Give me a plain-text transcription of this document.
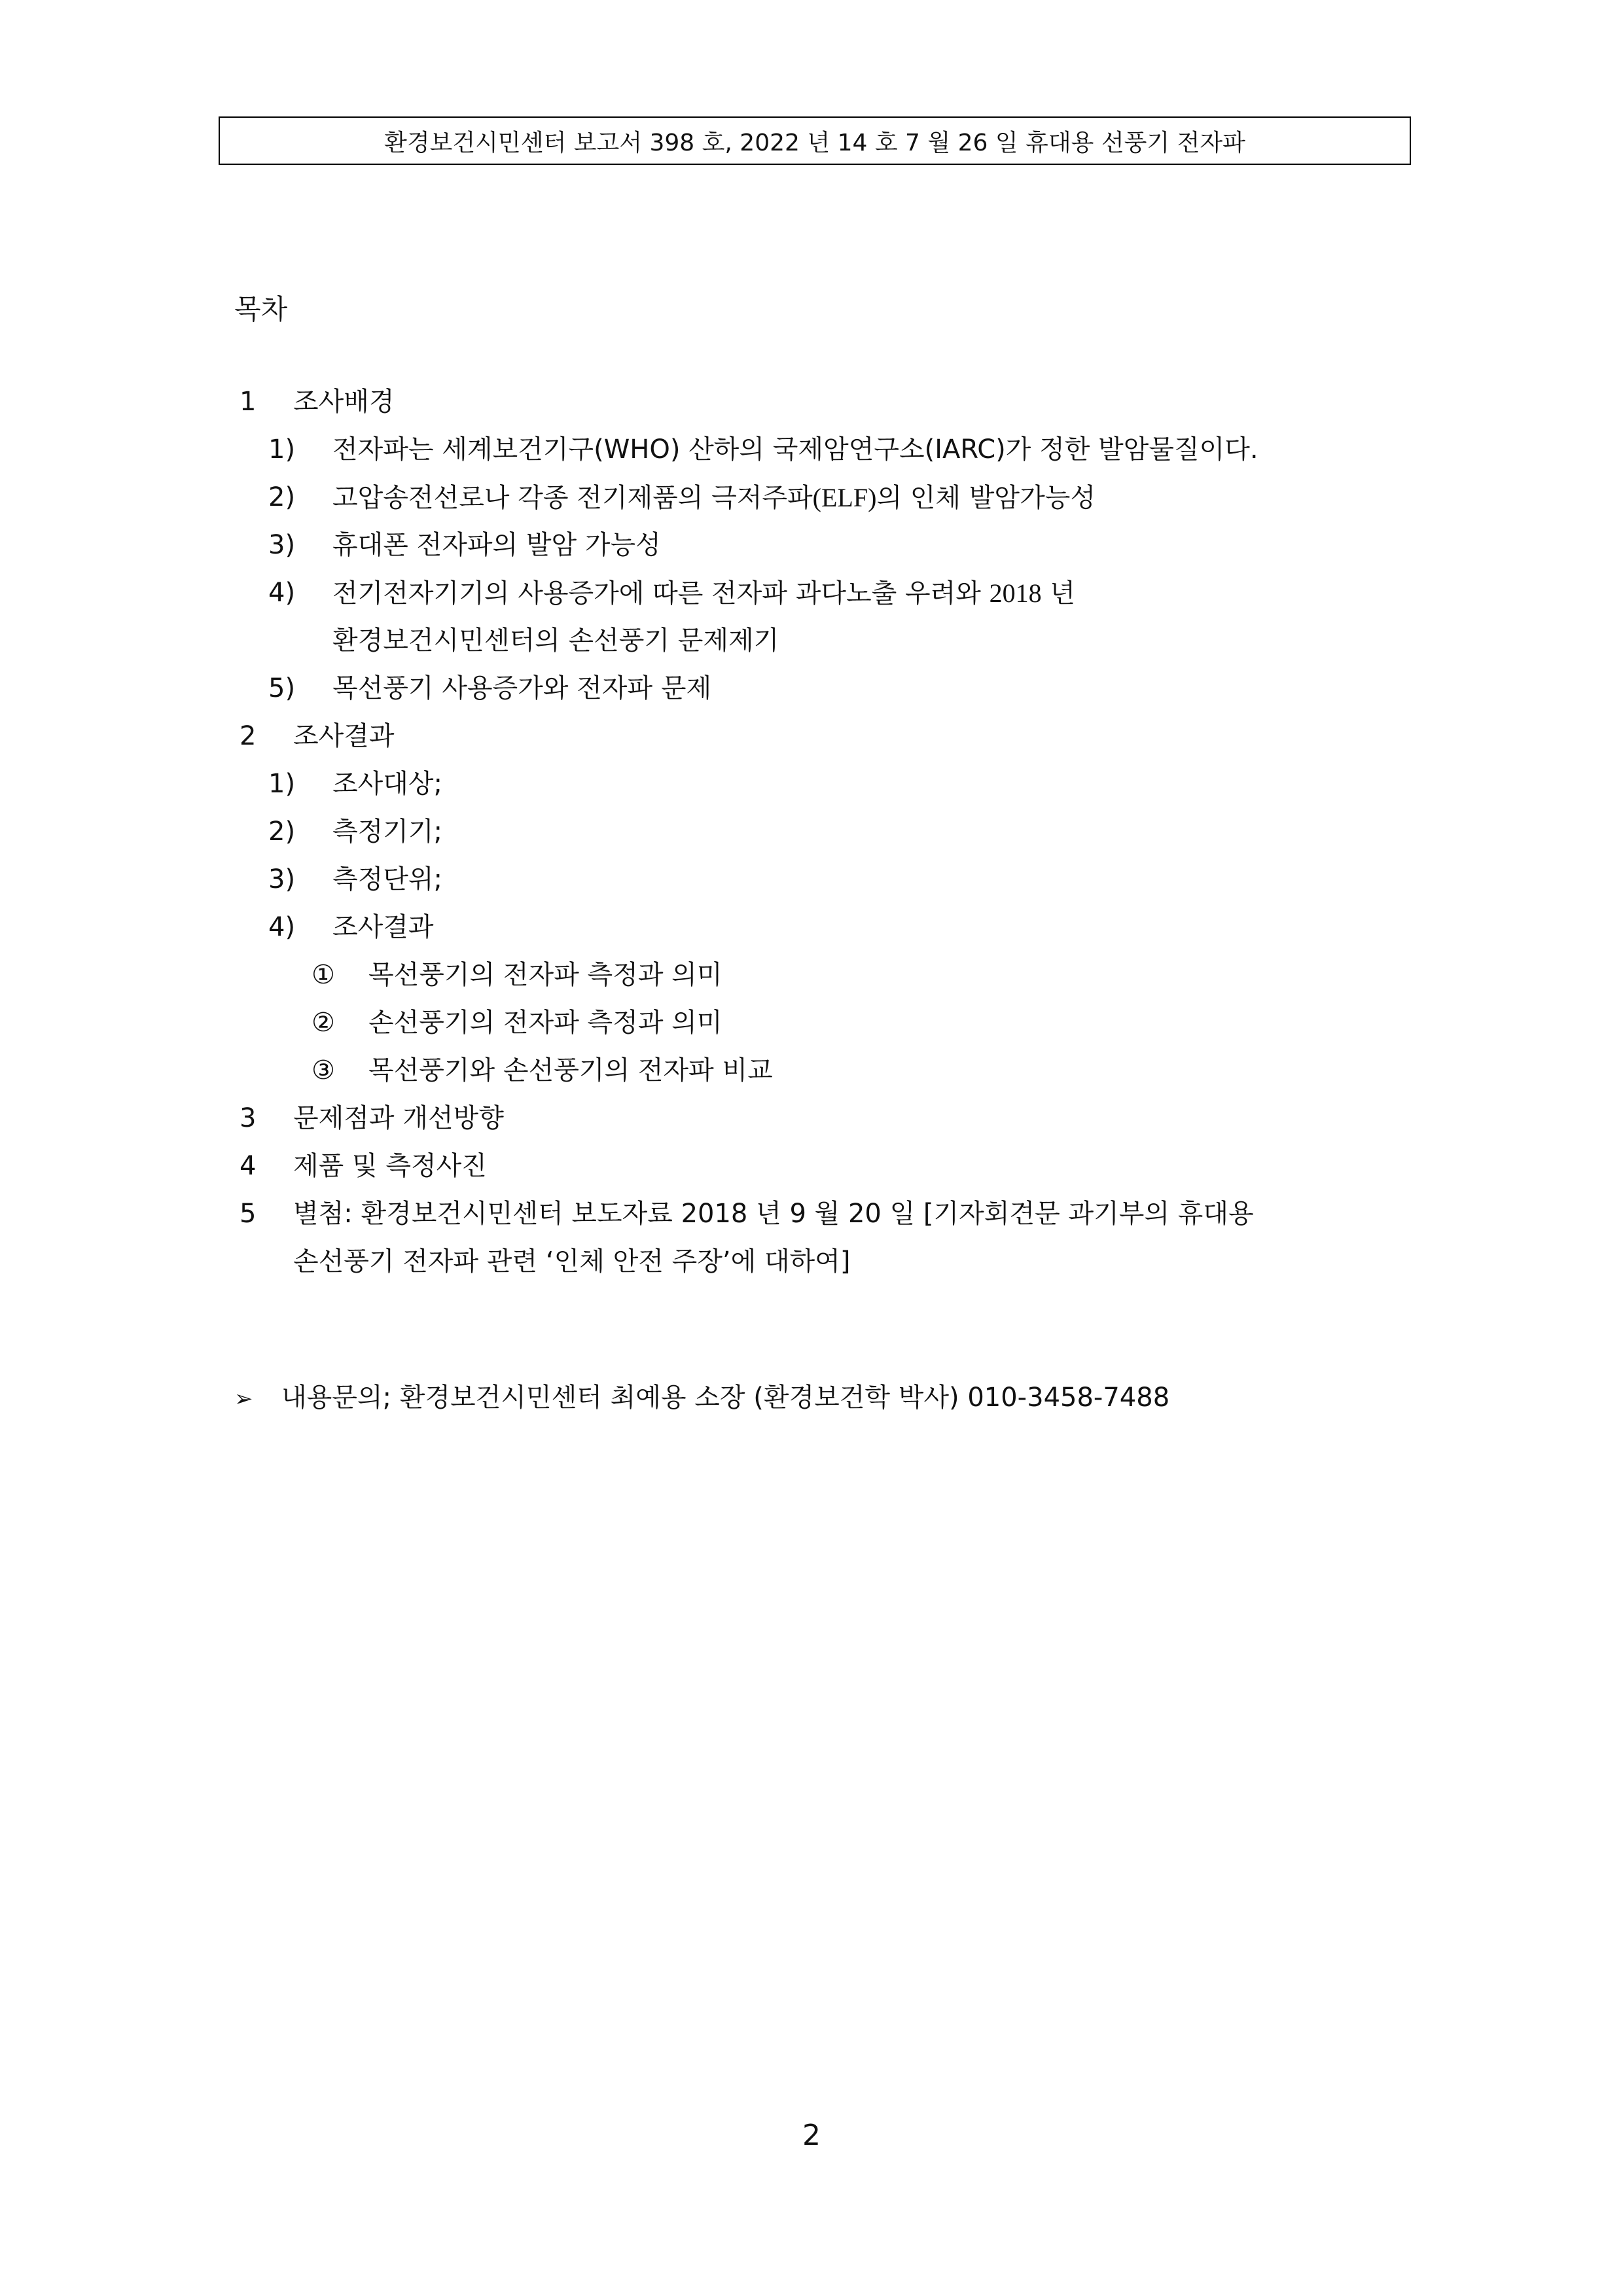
환경보건시민센터 보고서 398 호, 2022 년 14 호 7 월 26 일 휴대용 선풍기 전자파
목차
1 조사배경
1) 전자파는 세계보건기구(WHO) 산하의 국제암연구소(IARC)가 정한 발암물질이다.
2) 고압송전선로나 각종 전기제품의 극저주파(ELF)의 인체 발암가능성
3) 휴대폰 전자파의 발암 가능성
4) 전기전자기기의 사용증가에 따른 전자파 과다노출 우려와 2018 년
환경보건시민센터의 손선풍기 문제제기
5) 목선풍기 사용증가와 전자파 문제
2 조사결과
1) 조사대상;
2) 측정기기;
3) 측정단위;
4) 조사결과
① 목선풍기의 전자파 측정과 의미
② 손선풍기의 전자파 측정과 의미
③ 목선풍기와 손선풍기의 전자파 비교
3 문제점과 개선방향
4 제품 및 측정사진
5 별첨: 환경보건시민센터 보도자료 2018 년 9 월 20 일 [기자회견문 과기부의 휴대용
손선풍기 전자파 관련 ‘인체 안전 주장’에 대하여]
➢ 내용문의; 환경보건시민센터 최예용 소장 (환경보건학 박사) 010-3458-7488
2
